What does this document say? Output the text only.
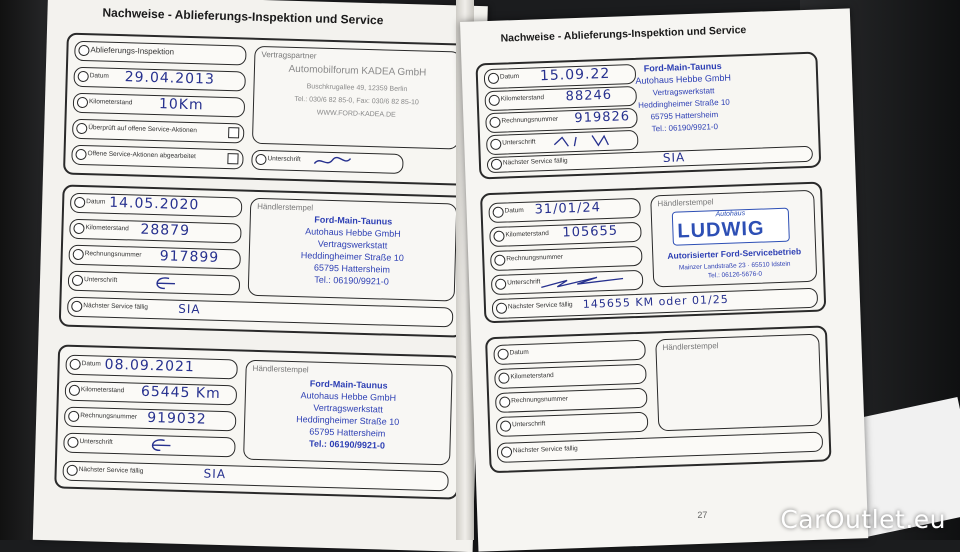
Nachweise - Ablieferungs-Inspektion und Service
Ablieferungs-Inspektion
Datum 29.04.2013
Kilometerstand 10Km
Überprüft auf offene Service-Aktionen
Offene Service-Aktionen abgearbeitet
Vertragspartner
Automobilforum KADEA GmbH
Buschkrugallee 49, 12359 Berlin
Tel.: 030/6 82 85-0, Fax: 030/6 82 85-10
WWW.FORD-KADEA.DE
Unterschrift
Datum 14.05.2020
Kilometerstand 28879
Rechnungsnummer 917899
Unterschrift
Nächster Service fällig	SIA
Händlerstempel
Ford-Main-Taunus
Autohaus Hebbe GmbH
Vertragswerkstatt
Heddingheimer Straße 10
65795 Hattersheim
Tel.: 06190/9921-0
Datum 08.09.2021
Kilometerstand 65445 Km
Rechnungsnummer 919032
Unterschrift
Nächster Service fällig	SIA
Händlerstempel
Ford-Main-Taunus
Autohaus Hebbe GmbH
Vertragswerkstatt
Heddingheimer Straße 10
65795 Hattersheim
Tel.: 06190/9921-0
Nachweise - Ablieferungs-Inspektion und Service
Datum 15.09.22
Kilometerstand 88246
Rechnungsnummer 919826
Unterschrift
Nächster Service fällig	SIA
Ford-Main-Taunus
Autohaus Hebbe GmbH
Vertragswerkstatt
Heddingheimer Straße 10
65795 Hattersheim
Tel.: 06190/9921-0
Datum 31/01/24
Kilometerstand 105655
Rechnungsnummer
Unterschrift
Nächster Service fällig 145655 KM oder 01/25
Händlerstempel
Autohaus
LUDWIG
Autorisierter Ford-Servicebetrieb
Mainzer Landstraße 23 · 65510 Idstein
Tel.: 06126-5676-0
Datum
Kilometerstand
Rechnungsnummer
Unterschrift
Nächster Service fällig
Händlerstempel
27	CarOutlet.eu
